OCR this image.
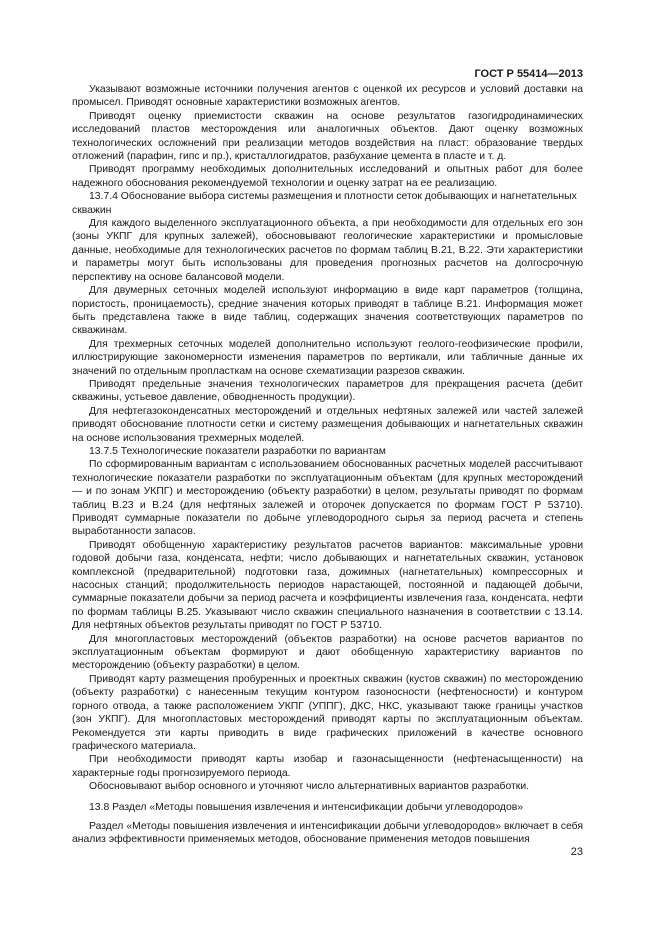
ГОСТ Р 55414—2013

Указывают возможные источники получения агентов с оценкой их ресурсов и условий доставки на промысел. Приводят основные характеристики возможных агентов.

Приводят оценку приемистости скважин на основе результатов газогидродинамических исследований пластов месторождения или аналогичных объектов. Дают оценку возможных технологических осложнений при реализации методов воздействия на пласт: образование твердых отложений (парафин, гипс и пр.), кристаллогидратов, разбухание цемента в пласте и т. д.

Приводят программу необходимых дополнительных исследований и опытных работ для более надежного обоснования рекомендуемой технологии и оценку затрат на ее реализацию.

13.7.4 Обоснование выбора системы размещения и плотности сеток добывающих и нагнетательных скважин

Для каждого выделенного эксплуатационного объекта, а при необходимости для отдельных его зон (зоны УКПГ для крупных залежей), обосновывают геологические характеристики и промысловые данные, необходимые для технологических расчетов по формам таблиц В.21, В.22. Эти характеристики и параметры могут быть использованы для проведения прогнозных расчетов на долгосрочную перспективу на основе балансовой модели.

Для двумерных сеточных моделей используют информацию в виде карт параметров (толщина, пористость, проницаемость), средние значения которых приводят в таблице В.21. Информация может быть представлена также в виде таблиц, содержащих значения соответствующих параметров по скважинам.

Для трехмерных сеточных моделей дополнительно используют геолого-геофизические профили, иллюстрирующие закономерности изменения параметров по вертикали, или табличные данные их значений по отдельным пропласткам на основе схематизации разрезов скважин.

Приводят предельные значения технологических параметров для прекращения расчета (дебит скважины, устьевое давление, обводненность продукции).

Для нефтегазоконденсатных месторождений и отдельных нефтяных залежей или частей залежей приводят обоснование плотности сетки и систему размещения добывающих и нагнетательных скважин на основе использования трехмерных моделей.

13.7.5 Технологические показатели разработки по вариантам

По сформированным вариантам с использованием обоснованных расчетных моделей рассчитывают технологические показатели разработки по эксплуатационным объектам (для крупных месторождений — и по зонам УКПГ) и месторождению (объекту разработки) в целом, результаты приводят по формам таблиц В.23 и В.24 (для нефтяных залежей и оторочек допускается по формам ГОСТ Р 53710). Приводят суммарные показатели по добыче углеводородного сырья за период расчета и степень выработанности запасов.

Приводят обобщенную характеристику результатов расчетов вариантов: максимальные уровни годовой добычи газа, конденсата, нефти; число добывающих и нагнетательных скважин, установок комплексной (предварительной) подготовки газа, дожимных (нагнетательных) компрессорных и насосных станций; продолжительность периодов нарастающей, постоянной и падающей добычи, суммарные показатели добычи за период расчета и коэффициенты извлечения газа, конденсата, нефти по формам таблицы В.25. Указывают число скважин специального назначения в соответствии с 13.14. Для нефтяных объектов результаты приводят по ГОСТ Р 53710.

Для многопластовых месторождений (объектов разработки) на основе расчетов вариантов по эксплуатационным объектам формируют и дают обобщенную характеристику вариантов по месторождению (объекту разработки) в целом.

Приводят карту размещения пробуренных и проектных скважин (кустов скважин) по месторождению (объекту разработки) с нанесенным текущим контуром газоносности (нефтеносности) и контуром горного отвода, а также расположением УКПГ (УППГ), ДКС, НКС, указывают также границы участков (зон УКПГ). Для многопластовых месторождений приводят карты по эксплуатационным объектам. Рекомендуется эти карты приводить в виде графических приложений в качестве основного графического материала.

При необходимости приводят карты изобар и газонасыщенности (нефтенасыщенности) на характерные годы прогнозируемого периода.

Обосновывают выбор основного и уточняют число альтернативных вариантов разработки.

13.8 Раздел «Методы повышения извлечения и интенсификации добычи углеводородов»

Раздел «Методы повышения извлечения и интенсификации добычи углеводородов» включает в себя анализ эффективности применяемых методов, обоснование применения методов повышения

23
